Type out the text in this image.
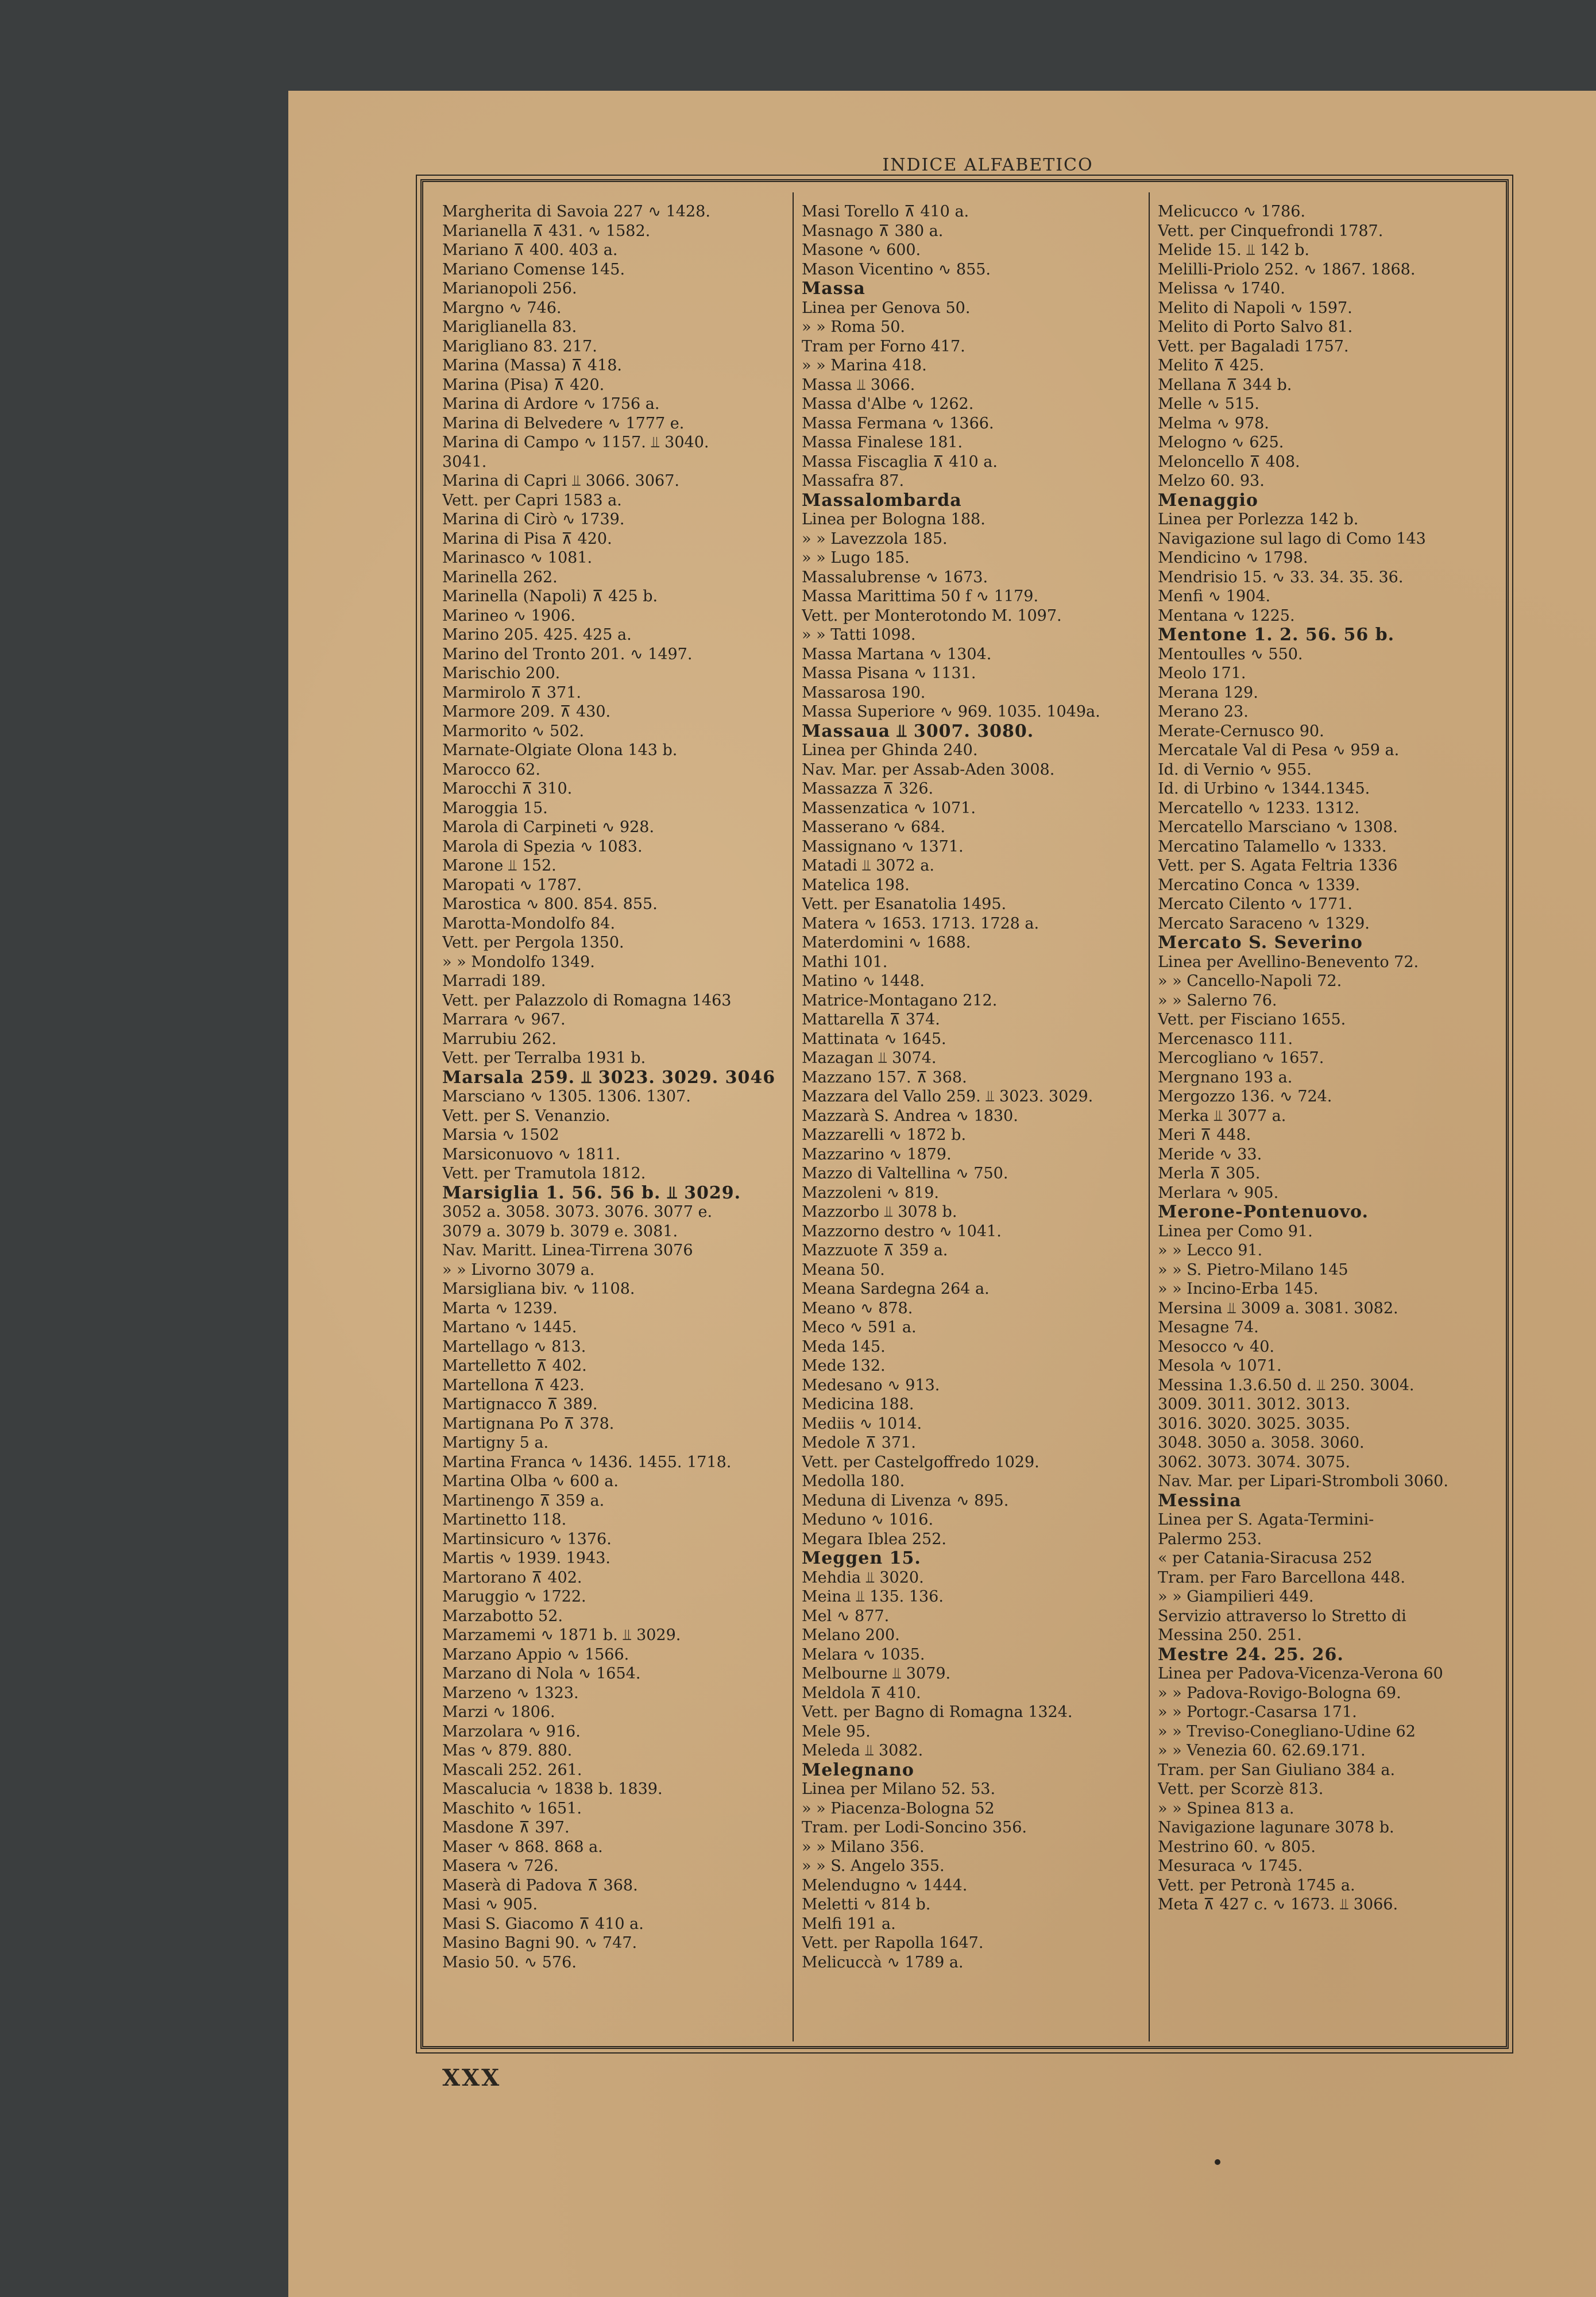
INDICE ALFABETICO
Margherita di Savoia 227 ∿ 1428.
Marianella ⊼ 431. ∿ 1582.
Mariano ⊼ 400. 403 a.
Mariano Comense 145.
Marianopoli 256.
Margno ∿ 746.
Mariglianella 83.
Marigliano 83. 217.
Marina (Massa) ⊼ 418.
Marina (Pisa) ⊼ 420.
Marina di Ardore ∿ 1756 a.
Marina di Belvedere ∿ 1777 e.
Marina di Campo ∿ 1157. ⫫ 3040.
3041.
Marina di Capri ⫫ 3066. 3067.
Vett. per Capri 1583 a.
Marina di Cirò ∿ 1739.
Marina di Pisa ⊼ 420.
Marinasco ∿ 1081.
Marinella 262.
Marinella (Napoli) ⊼ 425 b.
Marineo ∿ 1906.
Marino 205. 425. 425 a.
Marino del Tronto 201. ∿ 1497.
Marischio 200.
Marmirolo ⊼ 371.
Marmore 209. ⊼ 430.
Marmorito ∿ 502.
Marnate-Olgiate Olona 143 b.
Marocco 62.
Marocchi ⊼ 310.
Maroggia 15.
Marola di Carpineti ∿ 928.
Marola di Spezia ∿ 1083.
Marone ⫫ 152.
Maropati ∿ 1787.
Marostica ∿ 800. 854. 855.
Marotta-Mondolfo 84.
Vett. per Pergola 1350.
» » Mondolfo 1349.
Marradi 189.
Vett. per Palazzolo di Romagna 1463
Marrara ∿ 967.
Marrubiu 262.
Vett. per Terralba 1931 b.
Marsala 259. ⫫ 3023. 3029. 3046
Marsciano ∿ 1305. 1306. 1307.
Vett. per S. Venanzio.
Marsia ∿ 1502
Marsiconuovo ∿ 1811.
Vett. per Tramutola 1812.
Marsiglia 1. 56. 56 b. ⫫ 3029.
3052 a. 3058. 3073. 3076. 3077 e.
3079 a. 3079 b. 3079 e. 3081.
Nav. Maritt. Linea-Tirrena 3076
» » Livorno 3079 a.
Marsigliana biv. ∿ 1108.
Marta ∿ 1239.
Martano ∿ 1445.
Martellago ∿ 813.
Martelletto ⊼ 402.
Martellona ⊼ 423.
Martignacco ⊼ 389.
Martignana Po ⊼ 378.
Martigny 5 a.
Martina Franca ∿ 1436. 1455. 1718.
Martina Olba ∿ 600 a.
Martinengo ⊼ 359 a.
Martinetto 118.
Martinsicuro ∿ 1376.
Martis ∿ 1939. 1943.
Martorano ⊼ 402.
Maruggio ∿ 1722.
Marzabotto 52.
Marzamemi ∿ 1871 b. ⫫ 3029.
Marzano Appio ∿ 1566.
Marzano di Nola ∿ 1654.
Marzeno ∿ 1323.
Marzi ∿ 1806.
Marzolara ∿ 916.
Mas ∿ 879. 880.
Mascali 252. 261.
Mascalucia ∿ 1838 b. 1839.
Maschito ∿ 1651.
Masdone ⊼ 397.
Maser ∿ 868. 868 a.
Masera ∿ 726.
Maserà di Padova ⊼ 368.
Masi ∿ 905.
Masi S. Giacomo ⊼ 410 a.
Masino Bagni 90. ∿ 747.
Masio 50. ∿ 576.
Masi Torello ⊼ 410 a.
Masnago ⊼ 380 a.
Masone ∿ 600.
Mason Vicentino ∿ 855.
Massa
Linea per Genova 50.
» » Roma 50.
Tram per Forno 417.
» » Marina 418.
Massa ⫫ 3066.
Massa d'Albe ∿ 1262.
Massa Fermana ∿ 1366.
Massa Finalese 181.
Massa Fiscaglia ⊼ 410 a.
Massafra 87.
Massalombarda
Linea per Bologna 188.
» » Lavezzola 185.
» » Lugo 185.
Massalubrense ∿ 1673.
Massa Marittima 50 f ∿ 1179.
Vett. per Monterotondo M. 1097.
» » Tatti 1098.
Massa Martana ∿ 1304.
Massa Pisana ∿ 1131.
Massarosa 190.
Massa Superiore ∿ 969. 1035. 1049a.
Massaua ⫫ 3007. 3080.
Linea per Ghinda 240.
Nav. Mar. per Assab-Aden 3008.
Massazza ⊼ 326.
Massenzatica ∿ 1071.
Masserano ∿ 684.
Massignano ∿ 1371.
Matadi ⫫ 3072 a.
Matelica 198.
Vett. per Esanatolia 1495.
Matera ∿ 1653. 1713. 1728 a.
Materdomini ∿ 1688.
Mathi 101.
Matino ∿ 1448.
Matrice-Montagano 212.
Mattarella ⊼ 374.
Mattinata ∿ 1645.
Mazagan ⫫ 3074.
Mazzano 157. ⊼ 368.
Mazzara del Vallo 259. ⫫ 3023. 3029.
Mazzarà S. Andrea ∿ 1830.
Mazzarelli ∿ 1872 b.
Mazzarino ∿ 1879.
Mazzo di Valtellina ∿ 750.
Mazzoleni ∿ 819.
Mazzorbo ⫫ 3078 b.
Mazzorno destro ∿ 1041.
Mazzuote ⊼ 359 a.
Meana 50.
Meana Sardegna 264 a.
Meano ∿ 878.
Meco ∿ 591 a.
Meda 145.
Mede 132.
Medesano ∿ 913.
Medicina 188.
Mediis ∿ 1014.
Medole ⊼ 371.
Vett. per Castelgoffredo 1029.
Medolla 180.
Meduna di Livenza ∿ 895.
Meduno ∿ 1016.
Megara Iblea 252.
Meggen 15.
Mehdia ⫫ 3020.
Meina ⫫ 135. 136.
Mel ∿ 877.
Melano 200.
Melara ∿ 1035.
Melbourne ⫫ 3079.
Meldola ⊼ 410.
Vett. per Bagno di Romagna 1324.
Mele 95.
Meleda ⫫ 3082.
Melegnano
Linea per Milano 52. 53.
» » Piacenza-Bologna 52
Tram. per Lodi-Soncino 356.
» » Milano 356.
» » S. Angelo 355.
Melendugno ∿ 1444.
Meletti ∿ 814 b.
Melfi 191 a.
Vett. per Rapolla 1647.
Melicuccà ∿ 1789 a.
Melicucco ∿ 1786.
Vett. per Cinquefrondi 1787.
Melide 15. ⫫ 142 b.
Melilli-Priolo 252. ∿ 1867. 1868.
Melissa ∿ 1740.
Melito di Napoli ∿ 1597.
Melito di Porto Salvo 81.
Vett. per Bagaladi 1757.
Melito ⊼ 425.
Mellana ⊼ 344 b.
Melle ∿ 515.
Melma ∿ 978.
Melogno ∿ 625.
Meloncello ⊼ 408.
Melzo 60. 93.
Menaggio
Linea per Porlezza 142 b.
Navigazione sul lago di Como 143
Mendicino ∿ 1798.
Mendrisio 15. ∿ 33. 34. 35. 36.
Menfi ∿ 1904.
Mentana ∿ 1225.
Mentone 1. 2. 56. 56 b.
Mentoulles ∿ 550.
Meolo 171.
Merana 129.
Merano 23.
Merate-Cernusco 90.
Mercatale Val di Pesa ∿ 959 a.
Id. di Vernio ∿ 955.
Id. di Urbino ∿ 1344.1345.
Mercatello ∿ 1233. 1312.
Mercatello Marsciano ∿ 1308.
Mercatino Talamello ∿ 1333.
Vett. per S. Agata Feltria 1336
Mercatino Conca ∿ 1339.
Mercato Cilento ∿ 1771.
Mercato Saraceno ∿ 1329.
Mercato S. Severino
Linea per Avellino-Benevento 72.
» » Cancello-Napoli 72.
» » Salerno 76.
Vett. per Fisciano 1655.
Mercenasco 111.
Mercogliano ∿ 1657.
Mergnano 193 a.
Mergozzo 136. ∿ 724.
Merka ⫫ 3077 a.
Meri ⊼ 448.
Meride ∿ 33.
Merla ⊼ 305.
Merlara ∿ 905.
Merone-Pontenuovo.
Linea per Como 91.
» » Lecco 91.
» » S. Pietro-Milano 145
» » Incino-Erba 145.
Mersina ⫫ 3009 a. 3081. 3082.
Mesagne 74.
Mesocco ∿ 40.
Mesola ∿ 1071.
Messina 1.3.6.50 d. ⫫ 250. 3004.
3009. 3011. 3012. 3013.
3016. 3020. 3025. 3035.
3048. 3050 a. 3058. 3060.
3062. 3073. 3074. 3075.
Nav. Mar. per Lipari-Stromboli 3060.
Messina
Linea per S. Agata-Termini-
Palermo 253.
« per Catania-Siracusa 252
Tram. per Faro Barcellona 448.
» » Giampilieri 449.
Servizio attraverso lo Stretto di
Messina 250. 251.
Mestre 24. 25. 26.
Linea per Padova-Vicenza-Verona 60
» » Padova-Rovigo-Bologna 69.
» » Portogr.-Casarsa 171.
» » Treviso-Conegliano-Udine 62
» » Venezia 60. 62.69.171.
Tram. per San Giuliano 384 a.
Vett. per Scorzè 813.
» » Spinea 813 a.
Navigazione lagunare 3078 b.
Mestrino 60. ∿ 805.
Mesuraca ∿ 1745.
Vett. per Petronà 1745 a.
Meta ⊼ 427 c. ∿ 1673. ⫫ 3066.
XXX
